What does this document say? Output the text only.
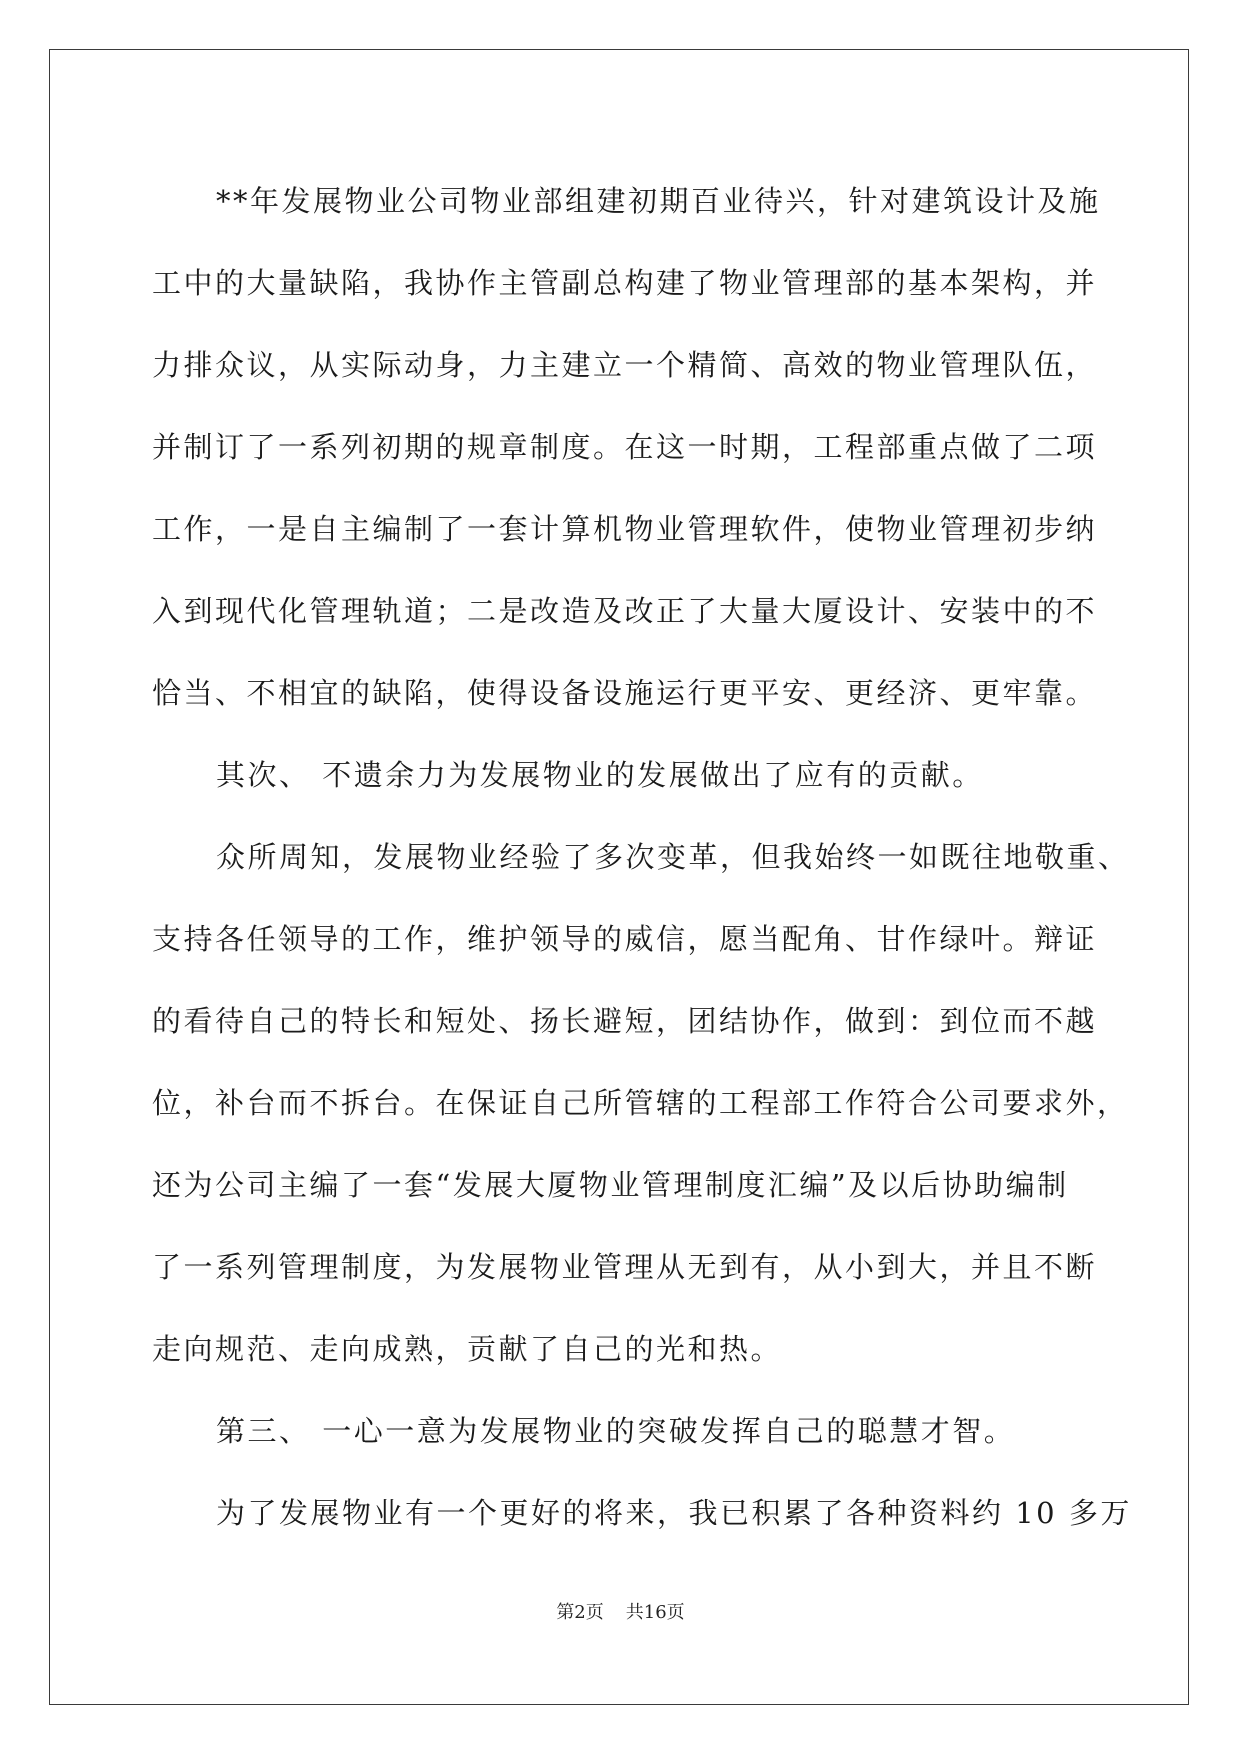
**年发展物业公司物业部组建初期百业待兴，针对建筑设计及施
工中的大量缺陷，我协作主管副总构建了物业管理部的基本架构，并
力排众议，从实际动身，力主建立一个精简、高效的物业管理队伍，
并制订了一系列初期的规章制度。在这一时期，工程部重点做了二项
工作，一是自主编制了一套计算机物业管理软件，使物业管理初步纳
入到现代化管理轨道；二是改造及改正了大量大厦设计、安装中的不
恰当、不相宜的缺陷，使得设备设施运行更平安、更经济、更牢靠。
其次、 不遗余力为发展物业的发展做出了应有的贡献。
众所周知，发展物业经验了多次变革，但我始终一如既往地敬重、
支持各任领导的工作，维护领导的威信，愿当配角、甘作绿叶。辩证
的看待自己的特长和短处、扬长避短，团结协作，做到：到位而不越
位，补台而不拆台。在保证自己所管辖的工程部工作符合公司要求外，
还为公司主编了一套“发展大厦物业管理制度汇编”及以后协助编制
了一系列管理制度，为发展物业管理从无到有，从小到大，并且不断
走向规范、走向成熟，贡献了自己的光和热。
第三、 一心一意为发展物业的突破发挥自己的聪慧才智。
为了发展物业有一个更好的将来，我已积累了各种资料约 10 多万
第2页 共16页
